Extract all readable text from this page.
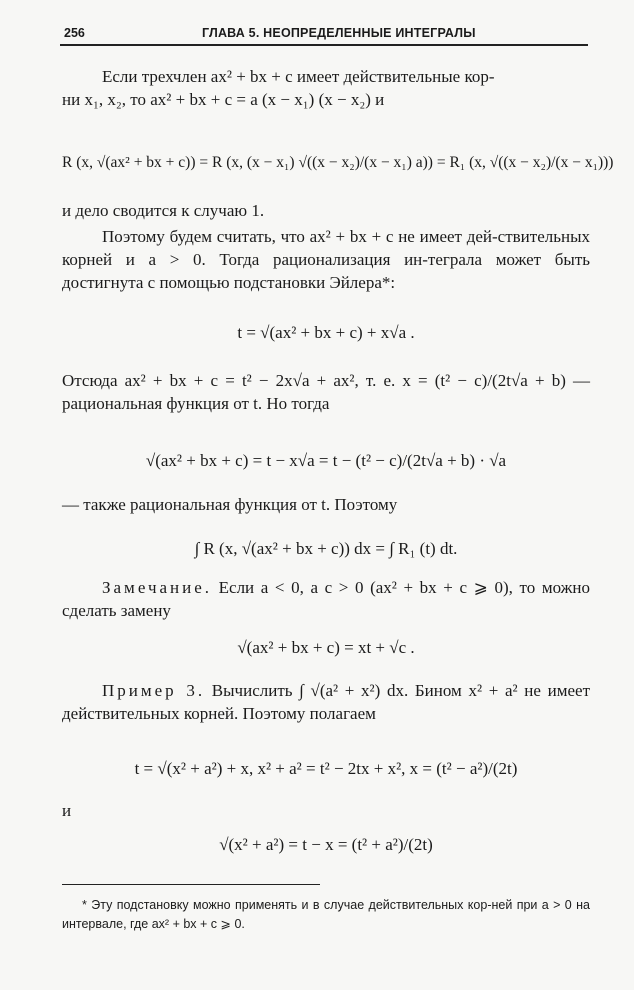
256	ГЛАВА 5. НЕОПРЕДЕЛЕННЫЕ ИНТЕГРАЛЫ

Если трехчлен ax² + bx + c имеет действительные кор-

ни x₁, x₂, то ax² + bx + c = a (x − x₁) (x − x₂) и

R (x, √(ax² + bx + c)) = R (x, (x − x₁) √((x − x₂)/(x − x₁) a)) = R₁ (x, √((x − x₂)/(x − x₁)))

и дело сводится к случаю 1.

Поэтому будем считать, что ax² + bx + c не имеет дей-ствительных корней и a > 0. Тогда рационализация ин-теграла может быть достигнута с помощью подстановки Эйлера*:

t = √(ax² + bx + c) + x√a .

Отсюда ax² + bx + c = t² − 2x√a + ax², т. е. x = (t² − c)/(2t√a + b) — рациональная функция от t. Но тогда

√(ax² + bx + c) = t − x√a = t − (t² − c)/(2t√a + b) · √a

— также рациональная функция от t. Поэтому

∫ R (x, √(ax² + bx + c)) dx = ∫ R₁ (t) dt.

Замечание. Если a < 0, а c > 0 (ax² + bx + c ⩾ 0), то можно сделать замену

√(ax² + bx + c) = xt + √c .

Пример 3. Вычислить ∫ √(a² + x²) dx. Бином x² + a² не имеет действительных корней. Поэтому полагаем

t = √(x² + a²) + x, x² + a² = t² − 2tx + x², x = (t² − a²)/(2t)

и

√(x² + a²) = t − x = (t² + a²)/(2t)
* Эту подстановку можно применять и в случае действительных кор-ней при a > 0 на интервале, где ax² + bx + c ⩾ 0.
